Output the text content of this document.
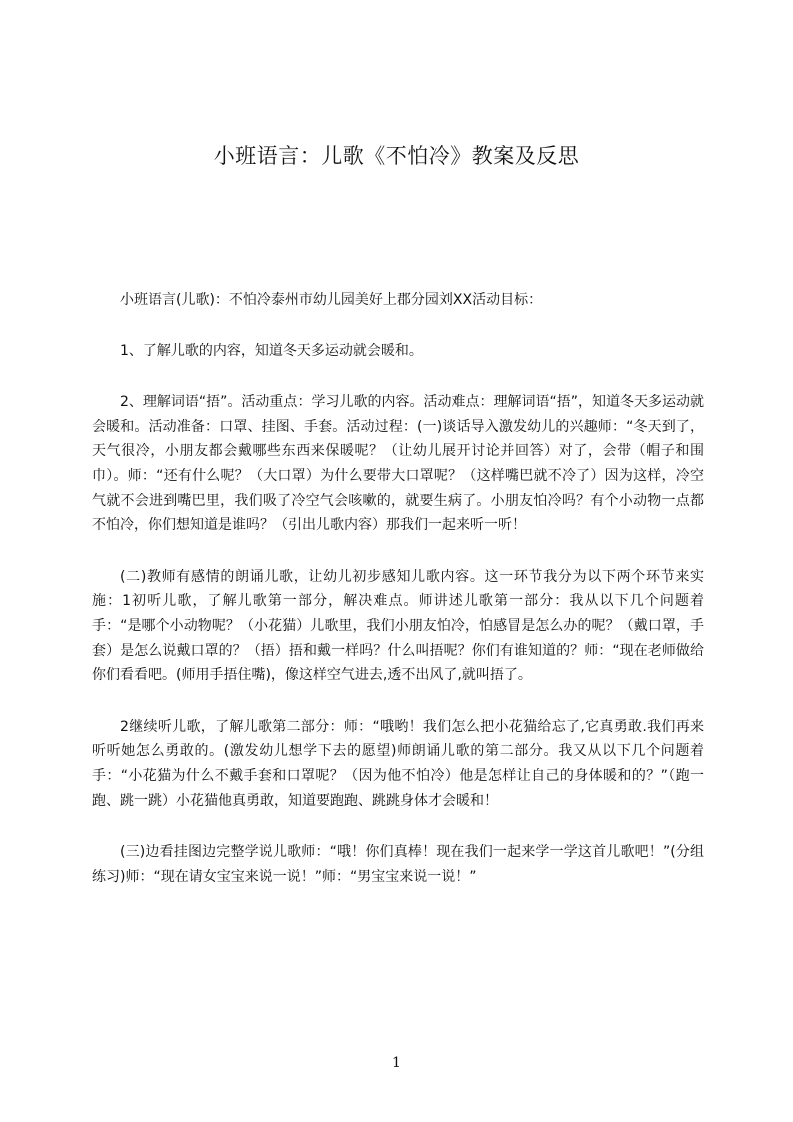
小班语言：儿歌《不怕冷》教案及反思

小班语言(儿歌)：不怕冷泰州市幼儿园美好上郡分园刘XX活动目标：

1、了解儿歌的内容，知道冬天多运动就会暖和。

2、理解词语“捂”。活动重点：学习儿歌的内容。活动难点：理解词语“捂”，知道冬天多运动就会暖和。活动准备：口罩、挂图、手套。活动过程：(一)谈话导入激发幼儿的兴趣师：“冬天到了，天气很冷，小朋友都会戴哪些东西来保暖呢？（让幼儿展开讨论并回答）对了，会带（帽子和围巾）。师：“还有什么呢？（大口罩）为什么要带大口罩呢？（这样嘴巴就不冷了）因为这样，冷空气就不会进到嘴巴里，我们吸了冷空气会咳嗽的，就要生病了。小朋友怕冷吗？有个小动物一点都不怕冷，你们想知道是谁吗？（引出儿歌内容）那我们一起来听一听！

(二)教师有感情的朗诵儿歌，让幼儿初步感知儿歌内容。这一环节我分为以下两个环节来实施：1初听儿歌，了解儿歌第一部分，解决难点。师讲述儿歌第一部分：我从以下几个问题着手：“是哪个小动物呢？（小花猫）儿歌里，我们小朋友怕冷，怕感冒是怎么办的呢？（戴口罩，手套）是怎么说戴口罩的？（捂）捂和戴一样吗？什么叫捂呢？你们有谁知道的？师：“现在老师做给你们看看吧。(师用手捂住嘴)，像这样空气进去,透不出风了,就叫捂了。

2继续听儿歌，了解儿歌第二部分：师：“哦哟！我们怎么把小花猫给忘了,它真勇敢.我们再来听听她怎么勇敢的。(激发幼儿想学下去的愿望)师朗诵儿歌的第二部分。我又从以下几个问题着手：“小花猫为什么不戴手套和口罩呢？（因为他不怕冷）他是怎样让自己的身体暖和的？”（跑一跑、跳一跳）小花猫他真勇敢，知道要跑跑、跳跳身体才会暖和！

(三)边看挂图边完整学说儿歌师：“哦！你们真棒！现在我们一起来学一学这首儿歌吧！”(分组练习)师：“现在请女宝宝来说一说！”师：“男宝宝来说一说！”

1
